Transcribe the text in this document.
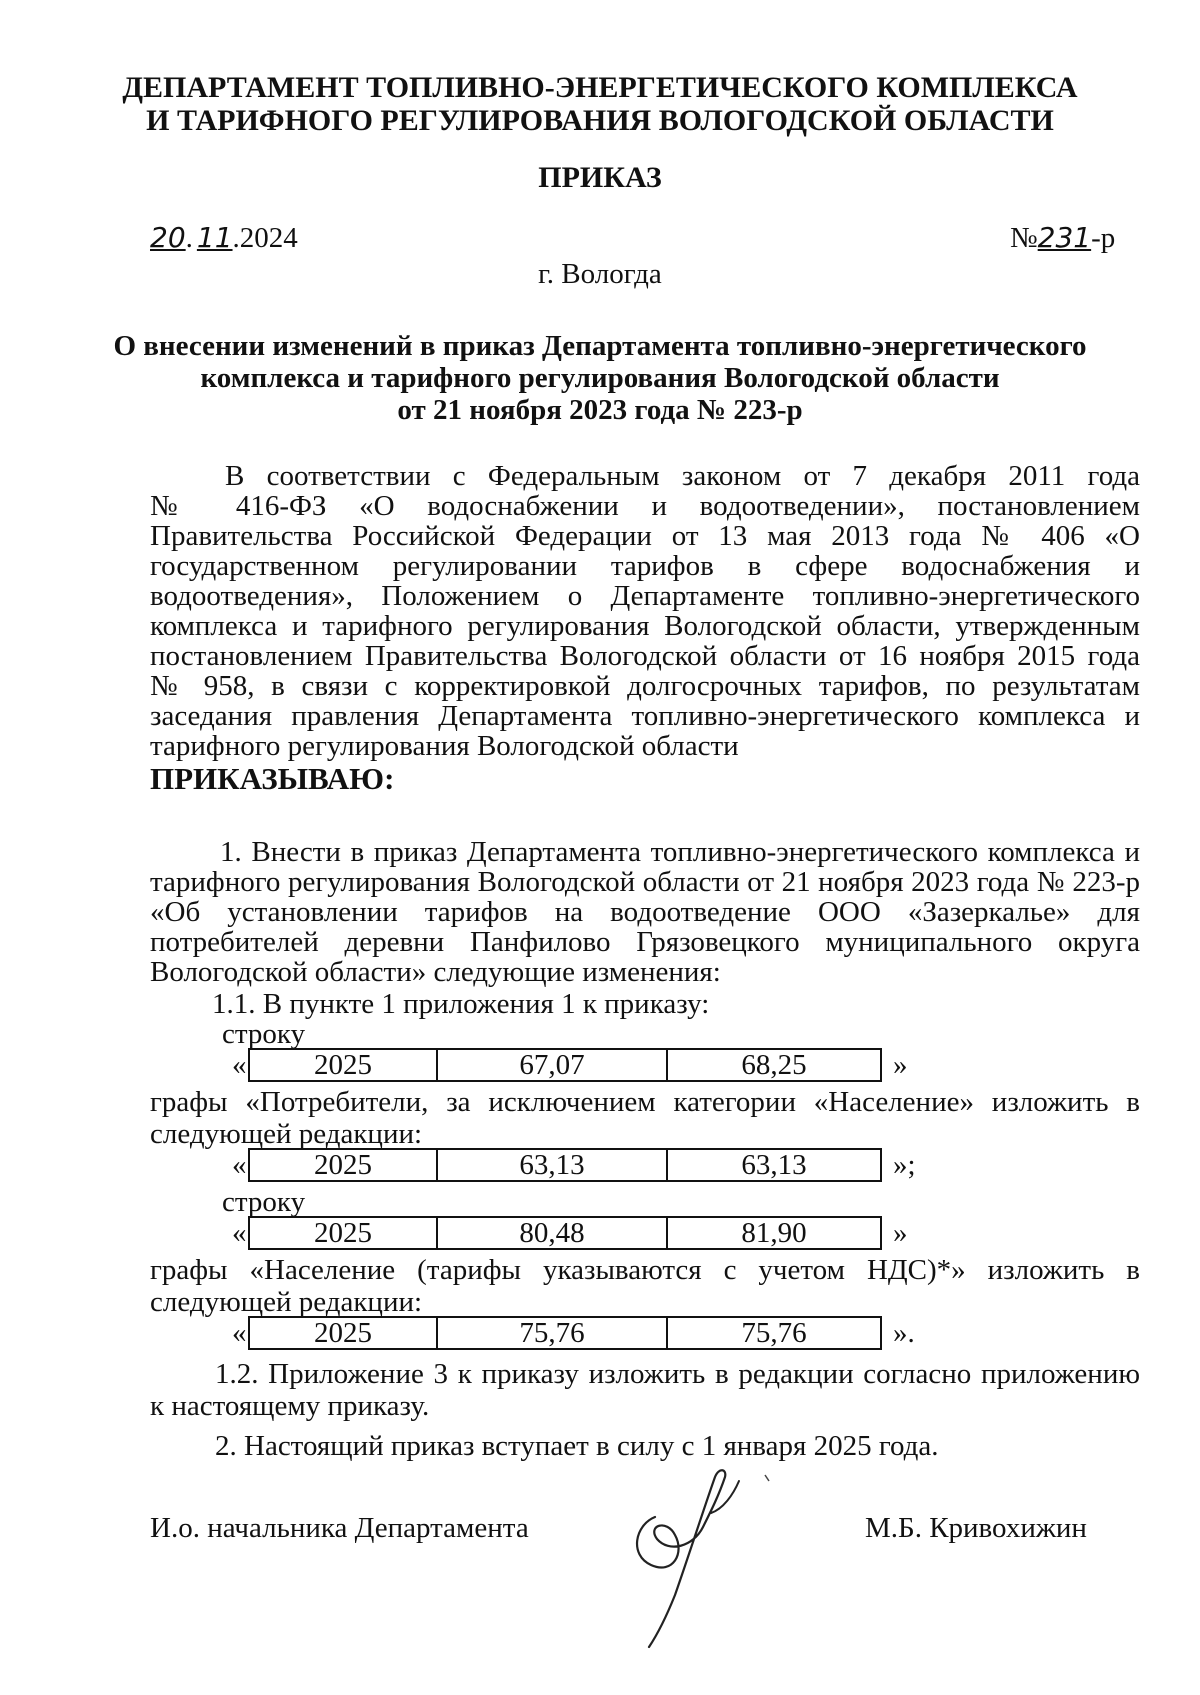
ДЕПАРТАМЕНТ ТОПЛИВНО-ЭНЕРГЕТИЧЕСКОГО КОМПЛЕКСА
И ТАРИФНОГО РЕГУЛИРОВАНИЯ ВОЛОГОДСКОЙ ОБЛАСТИ
ПРИКАЗ
20. 11.2024	№231-р
г. Вологда
О внесении изменений в приказ Департамента топливно-энергетического
комплекса и тарифного регулирования Вологодской области
от 21 ноября 2023 года № 223-р
В соответствии с Федеральным законом от 7 декабря 2011 года
№ 416-ФЗ «О водоснабжении и водоотведении», постановлением
Правительства Российской Федерации от 13 мая 2013 года № 406 «О
государственном регулировании тарифов в сфере водоснабжения и
водоотведения», Положением о Департаменте топливно-энергетического
комплекса и тарифного регулирования Вологодской области, утвержденным
постановлением Правительства Вологодской области от 16 ноября 2015 года
№ 958, в связи с корректировкой долгосрочных тарифов, по результатам
заседания правления Департамента топливно-энергетического комплекса и
тарифного регулирования Вологодской области
ПРИКАЗЫВАЮ:
1. Внести в приказ Департамента топливно-энергетического комплекса и
тарифного регулирования Вологодской области от 21 ноября 2023 года № 223-р
«Об установлении тарифов на водоотведение ООО «Зазеркалье» для
потребителей деревни Панфилово Грязовецкого муниципального округа
Вологодской области» следующие изменения:
1.1. В пункте 1 приложения 1 к приказу:
строку
«	2025	67,07	68,25	»
графы «Потребители, за исключением категории «Население» изложить в
следующей редакции:
«	2025	63,13	63,13	»;
строку
«	2025	80,48	81,90	»
графы «Население (тарифы указываются с учетом НДС)*» изложить в
следующей редакции:
«	2025	75,76	75,76	».
1.2. Приложение 3 к приказу изложить в редакции согласно приложению
к настоящему приказу.
2. Настоящий приказ вступает в силу с 1 января 2025 года.
И.о. начальника Департамента	М.Б. Кривохижин
